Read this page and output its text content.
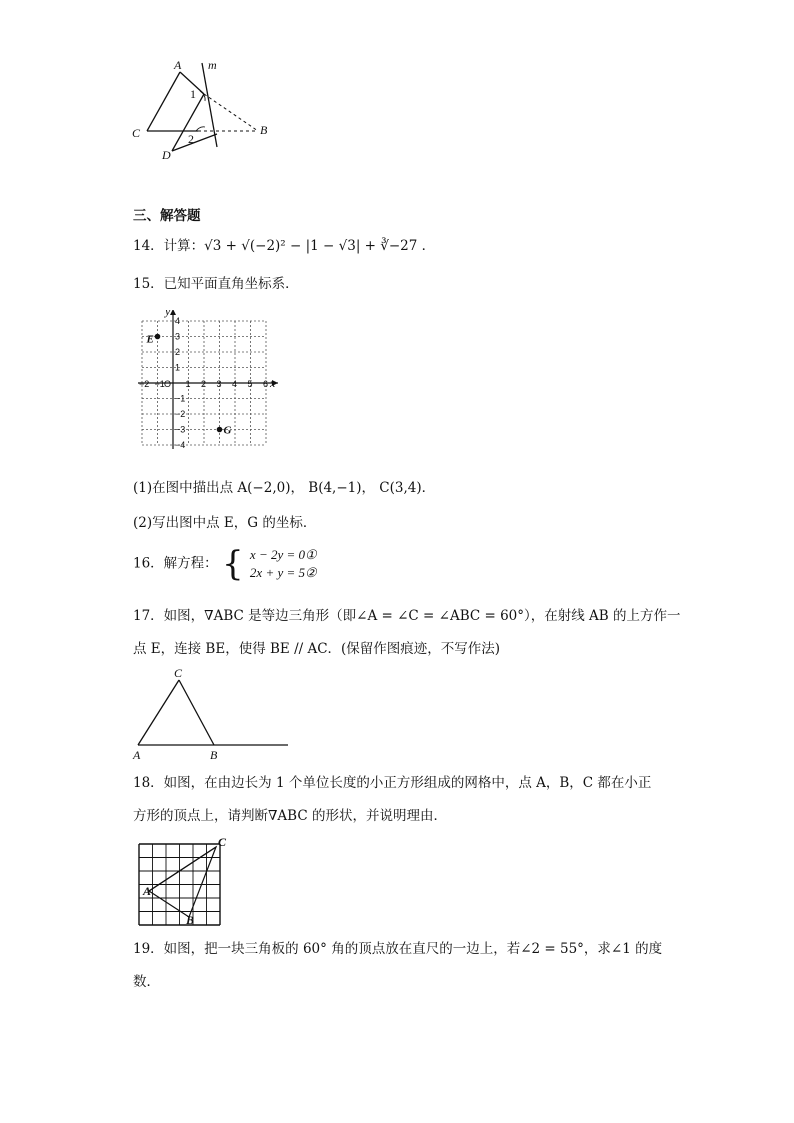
A m
1
2
B
C
D
三、解答题
14．计算：√3 + √(−2)² − |1 − √3| + ∛−27 ．
15．已知平面直角坐标系．
−2 −1 O 1 2 3 4 5 6
4
3
2
1
−1
−2
−3
−4
x
y
E
G
(1)在图中描出点 A(−2,0)， B(4,−1)， C(3,4)．
(2)写出图中点 E，G 的坐标．
16．解方程： { x − 2y = 0①
2x + y = 5②
17．如图，∇ABC 是等边三角形（即∠A = ∠C = ∠ABC = 60°），在射线 AB 的上方作一
点 E，连接 BE，使得 BE // AC．(保留作图痕迹，不写作法)
C
A	B
18．如图，在由边长为 1 个单位长度的小正方形组成的网格中，点 A，B，C 都在小正
方形的顶点上，请判断∇ABC 的形状，并说明理由．
A
B
C
19．如图，把一块三角板的 60° 角的顶点放在直尺的一边上，若∠2 = 55°，求∠1 的度
数．
